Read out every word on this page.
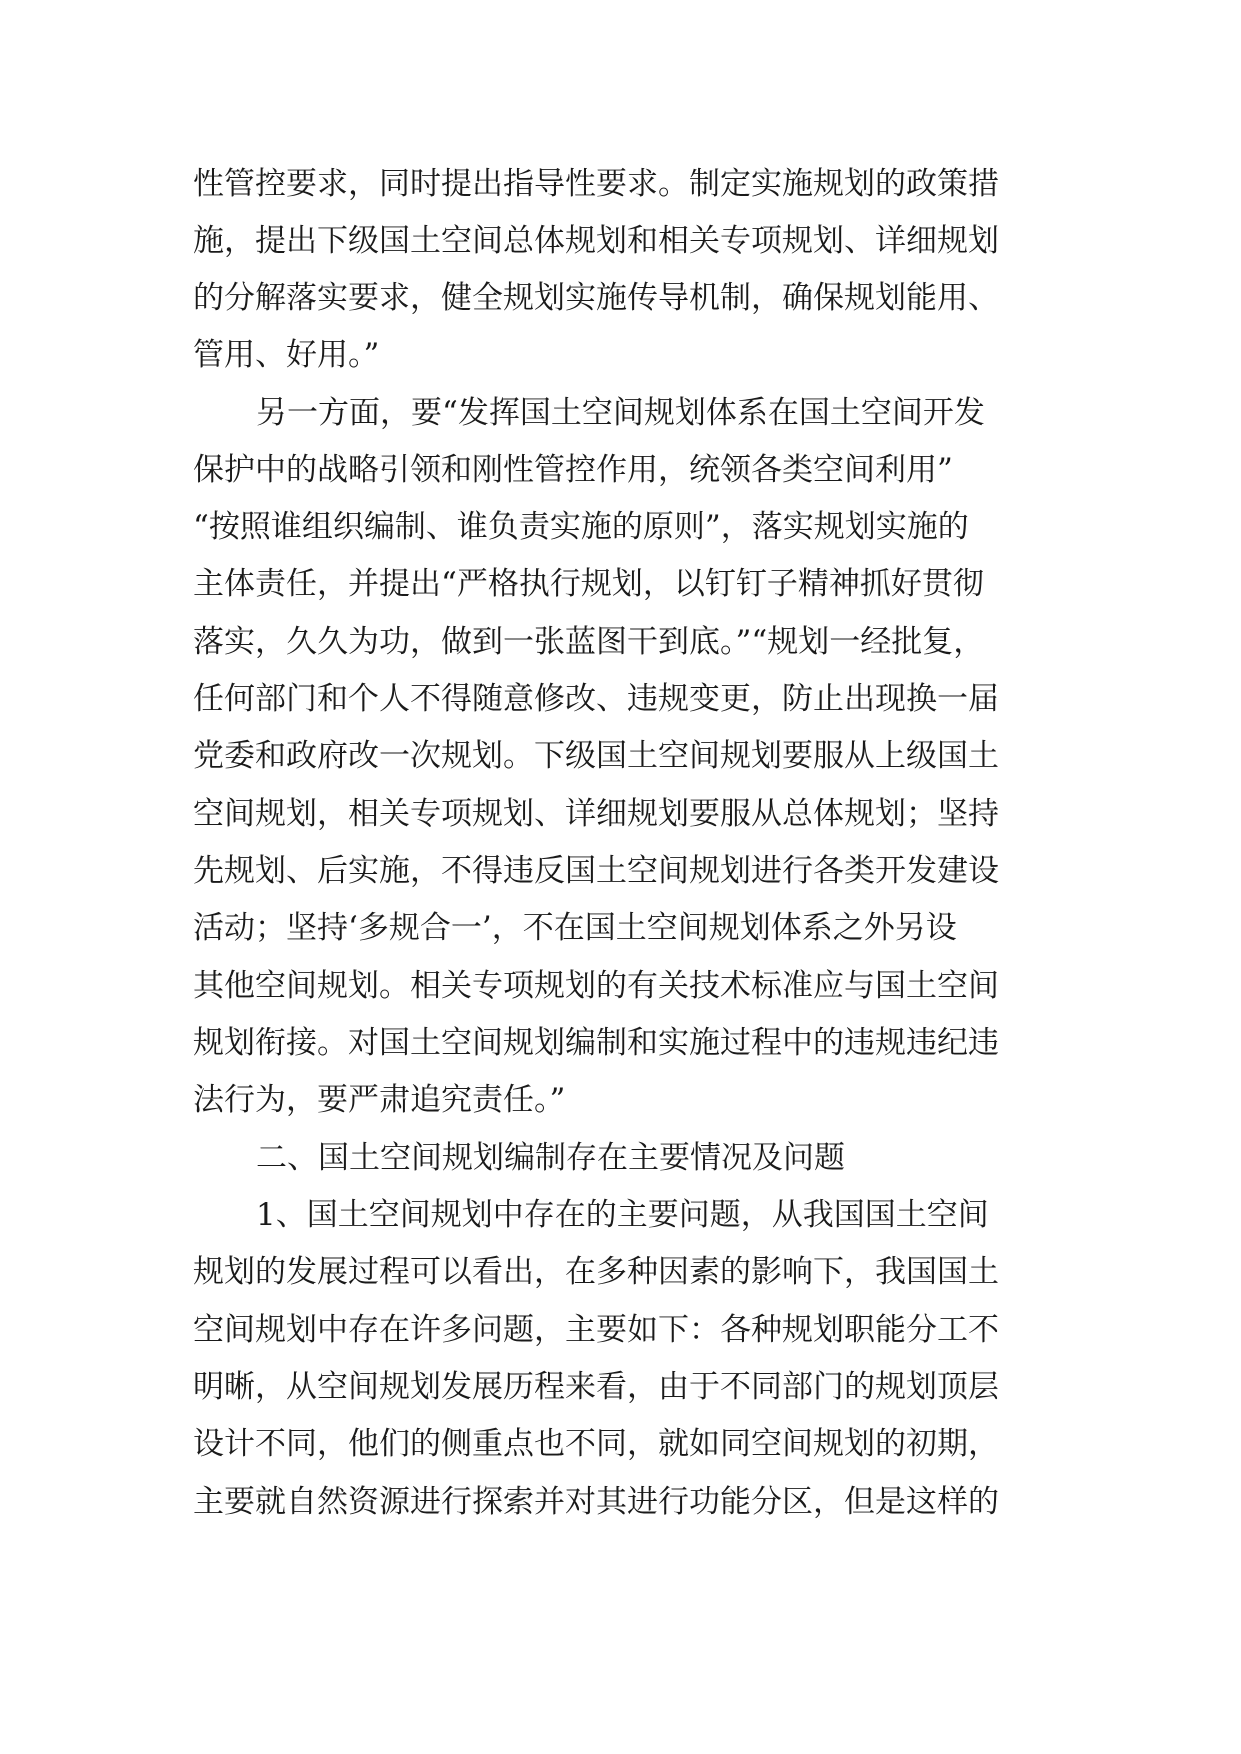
性管控要求，同时提出指导性要求。制定实施规划的政策措
施，提出下级国土空间总体规划和相关专项规划、详细规划
的分解落实要求，健全规划实施传导机制，确保规划能用、
管用、好用。”
另一方面，要“发挥国土空间规划体系在国土空间开发
保护中的战略引领和刚性管控作用，统领各类空间利用”
“按照谁组织编制、谁负责实施的原则”，落实规划实施的
主体责任，并提出“严格执行规划，以钉钉子精神抓好贯彻
落实，久久为功，做到一张蓝图干到底。”“规划一经批复，
任何部门和个人不得随意修改、违规变更，防止出现换一届
党委和政府改一次规划。下级国土空间规划要服从上级国土
空间规划，相关专项规划、详细规划要服从总体规划；坚持
先规划、后实施，不得违反国土空间规划进行各类开发建设
活动；坚持‘多规合一’，不在国土空间规划体系之外另设
其他空间规划。相关专项规划的有关技术标准应与国土空间
规划衔接。对国土空间规划编制和实施过程中的违规违纪违
法行为，要严肃追究责任。”
二、国土空间规划编制存在主要情况及问题
1、国土空间规划中存在的主要问题，从我国国土空间
规划的发展过程可以看出，在多种因素的影响下，我国国土
空间规划中存在许多问题，主要如下：各种规划职能分工不
明晰，从空间规划发展历程来看，由于不同部门的规划顶层
设计不同，他们的侧重点也不同，就如同空间规划的初期，
主要就自然资源进行探索并对其进行功能分区，但是这样的
